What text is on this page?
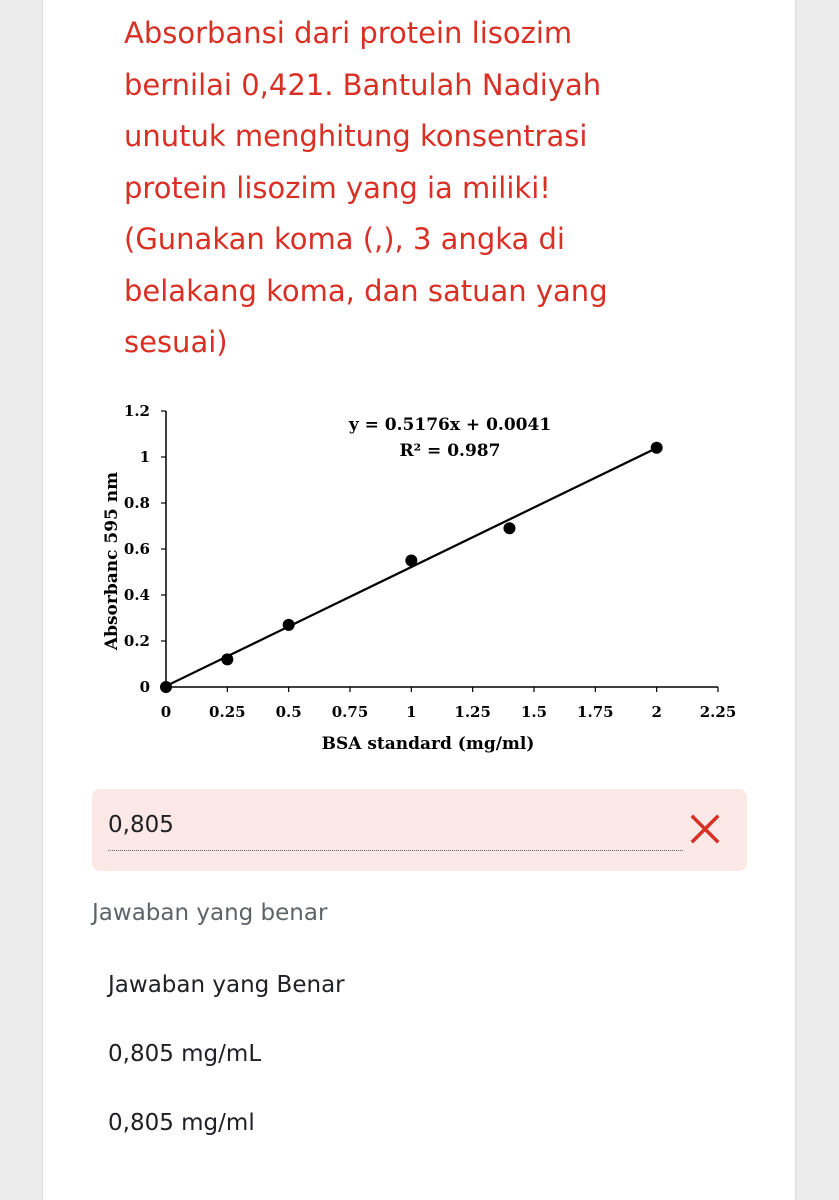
Absorbansi dari protein lisozim bernilai 0,421. Bantulah Nadiyah unutuk menghitung konsentrasi protein lisozim yang ia miliki! (Gunakan koma (,), 3 angka di belakang koma, dan satuan yang sesuai)

0	0.25 0.5 0.75	1	1.25 1.5 1.75	2	2.25
0
0.2
0.4
0.6
0.8
1
1.2
BSA standard (mg/ml)
Absorbanc 595 nm
y = 0.5176x + 0.0041
R² = 0.987
0,805
Jawaban yang benar
Jawaban yang Benar
0,805 mg/mL
0,805 mg/ml
